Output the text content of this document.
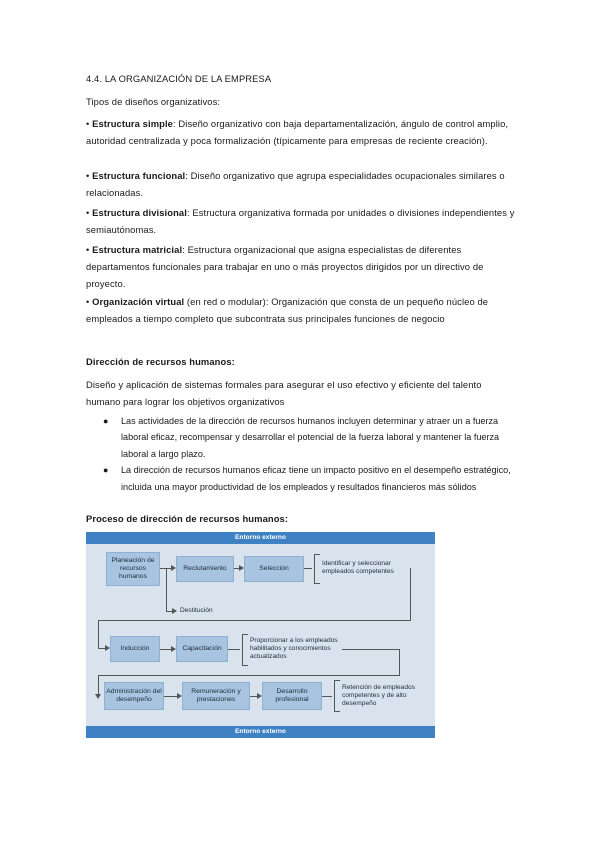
4.4. LA ORGANIZACIÓN DE LA EMPRESA
Tipos de diseños organizativos:
• Estructura simple: Diseño organizativo con baja departamentalización, ángulo de control amplio, autoridad centralizada y poca formalización (típicamente para empresas de reciente creación).
• Estructura funcional: Diseño organizativo que agrupa especialidades ocupacionales similares o relacionadas.
• Estructura divisional: Estructura organizativa formada por unidades o divisiones independientes y semiautónomas.
• Estructura matricial: Estructura organizacional que asigna especialistas de diferentes departamentos funcionales para trabajar en uno o más proyectos dirigidos por un directivo de proyecto.
• Organización virtual (en red o modular): Organización que consta de un pequeño núcleo de empleados a tiempo completo que subcontrata sus principales funciones de negocio
Dirección de recursos humanos:
Diseño y aplicación de sistemas formales para asegurar el uso efectivo y eficiente del talento humano para lograr los objetivos organizativos
● Las actividades de la dirección de recursos humanos incluyen determinar y atraer un a fuerza laboral eficaz, recompensar y desarrollar el potencial de la fuerza laboral y mantener la fuerza laboral a largo plazo.
● La dirección de recursos humanos eficaz tiene un impacto positivo en el desempeño estratégico, incluida una mayor productividad de los empleados y resultados financieros más sólidos
Proceso de dirección de recursos humanos:
Entorno externo
Entorno externo
Planeación de recursos humanos
Reclutamiento	Selección
Identificar y seleccionar empleados competentes
Destitución
Inducción	Capacitación
Proporcionar a los empleados habilitados y conocimientos actualizados
Administración del desempeño
Remuneración y prestaciones
Desarrollo profesional
Retención de empleados competentes y de alto desempeño
